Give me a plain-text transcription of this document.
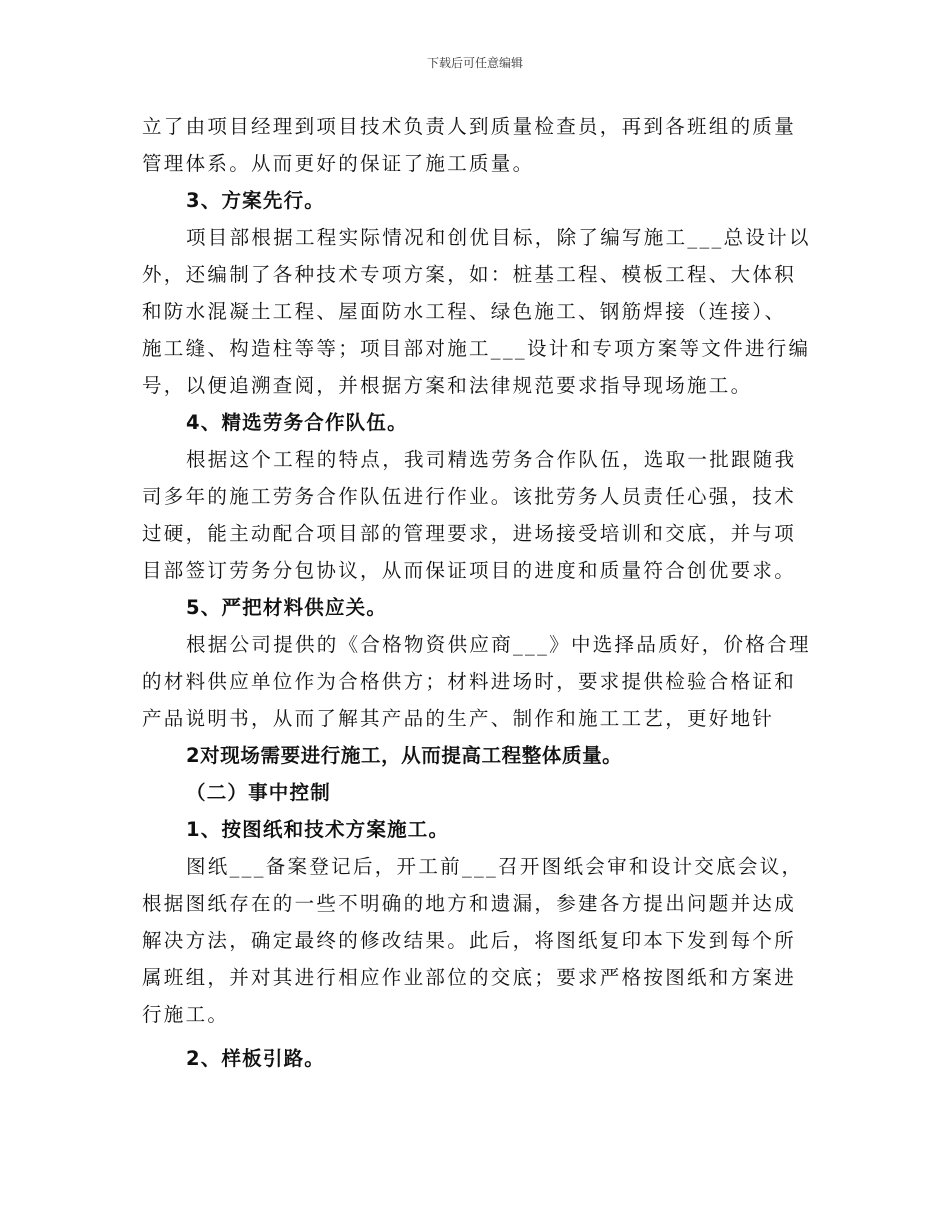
下载后可任意编辑
立了由项目经理到项目技术负责人到质量检查员，再到各班组的质量
管理体系。从而更好的保证了施工质量。
3、方案先行。
项目部根据工程实际情况和创优目标，除了编写施工___总设计以
外，还编制了各种技术专项方案，如：桩基工程、模板工程、大体积
和防水混凝土工程、屋面防水工程、绿色施工、钢筋焊接（连接）、
施工缝、构造柱等等；项目部对施工___设计和专项方案等文件进行编
号，以便追溯查阅，并根据方案和法律规范要求指导现场施工。
4、精选劳务合作队伍。
根据这个工程的特点，我司精选劳务合作队伍，选取一批跟随我
司多年的施工劳务合作队伍进行作业。该批劳务人员责任心强，技术
过硬，能主动配合项目部的管理要求，进场接受培训和交底，并与项
目部签订劳务分包协议，从而保证项目的进度和质量符合创优要求。
5、严把材料供应关。
根据公司提供的《合格物资供应商___》中选择品质好，价格合理
的材料供应单位作为合格供方；材料进场时，要求提供检验合格证和
产品说明书，从而了解其产品的生产、制作和施工工艺，更好地针
2对现场需要进行施工，从而提高工程整体质量。
（二）事中控制
1、按图纸和技术方案施工。
图纸___备案登记后，开工前___召开图纸会审和设计交底会议，
根据图纸存在的一些不明确的地方和遗漏，参建各方提出问题并达成
解决方法，确定最终的修改结果。此后，将图纸复印本下发到每个所
属班组，并对其进行相应作业部位的交底；要求严格按图纸和方案进
行施工。
2、样板引路。
